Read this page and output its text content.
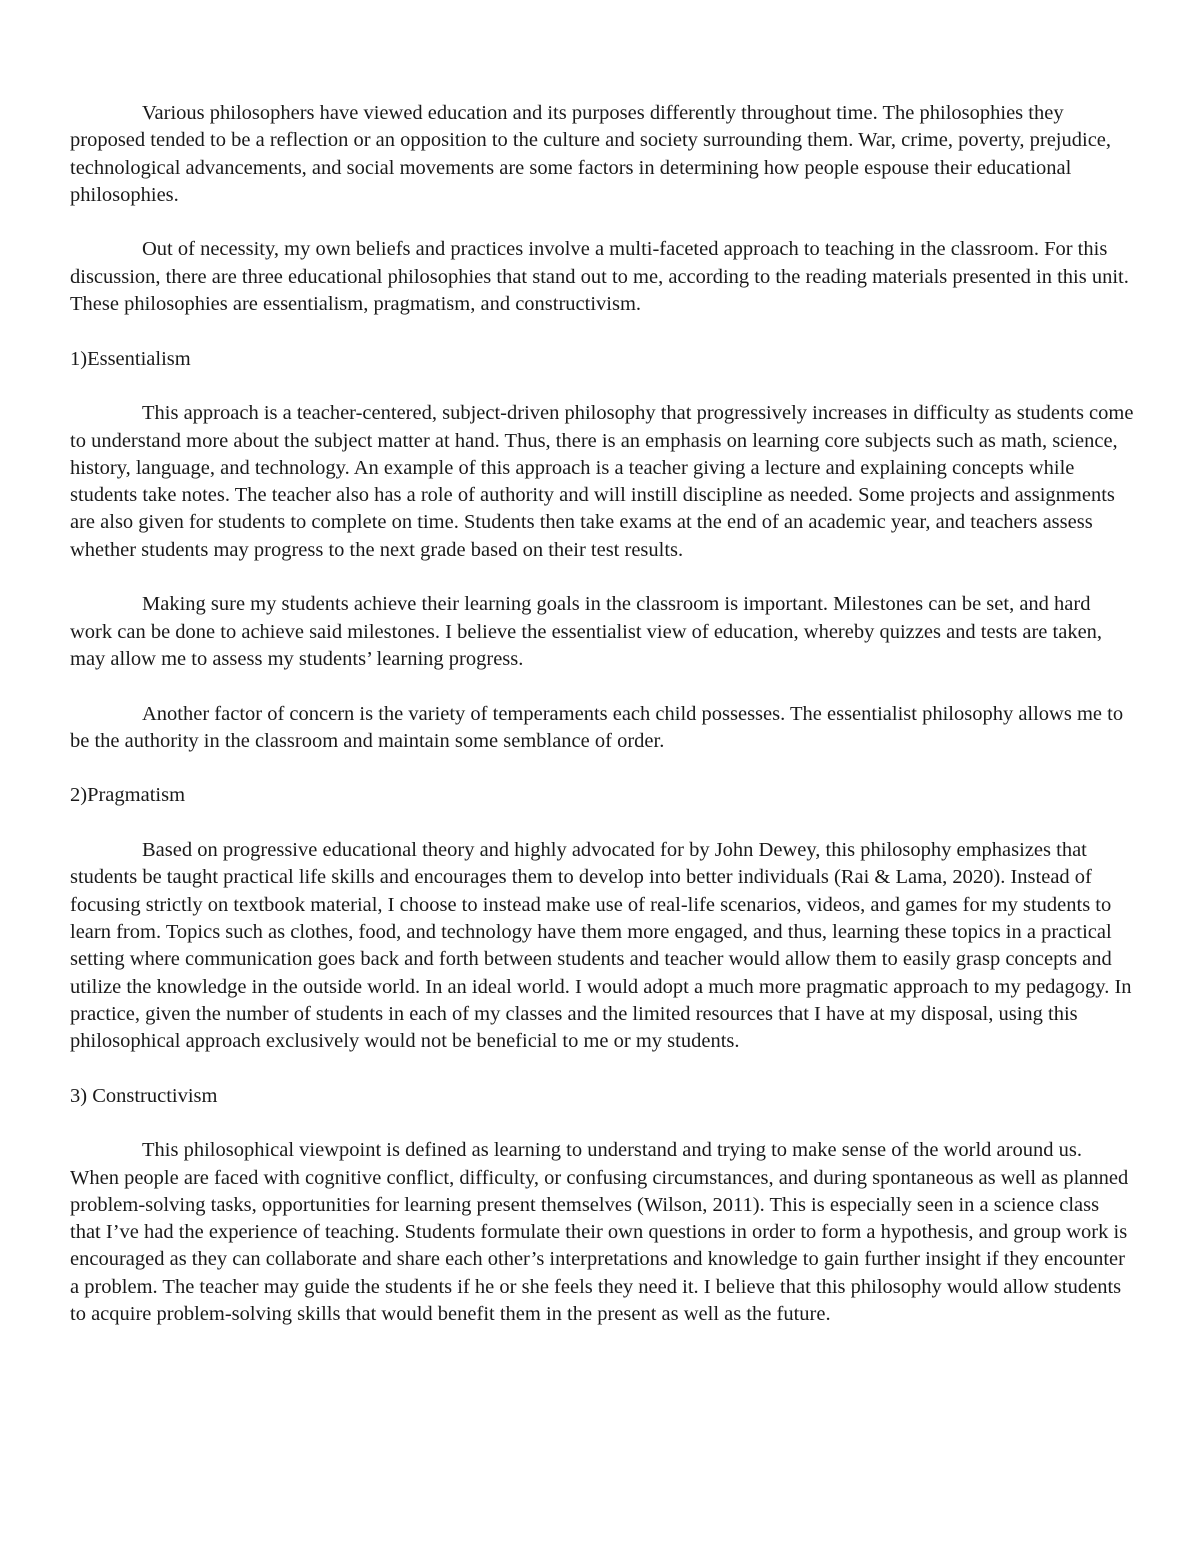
Various philosophers have viewed education and its purposes differently throughout time. The philosophies they proposed tended to be a reflection or an opposition to the culture and society surrounding them. War, crime, poverty, prejudice, technological advancements, and social movements are some factors in determining how people espouse their educational philosophies.

Out of necessity, my own beliefs and practices involve a multi-faceted approach to teaching in the classroom. For this discussion, there are three educational philosophies that stand out to me, according to the reading materials presented in this unit. These philosophies are essentialism, pragmatism, and constructivism.

1)Essentialism

This approach is a teacher-centered, subject-driven philosophy that progressively increases in difficulty as students come to understand more about the subject matter at hand. Thus, there is an emphasis on learning core subjects such as math, science, history, language, and technology. An example of this approach is a teacher giving a lecture and explaining concepts while students take notes. The teacher also has a role of authority and will instill discipline as needed. Some projects and assignments are also given for students to complete on time. Students then take exams at the end of an academic year, and teachers assess whether students may progress to the next grade based on their test results.

Making sure my students achieve their learning goals in the classroom is important. Milestones can be set, and hard work can be done to achieve said milestones. I believe the essentialist view of education, whereby quizzes and tests are taken, may allow me to assess my students’ learning progress.

Another factor of concern is the variety of temperaments each child possesses. The essentialist philosophy allows me to be the authority in the classroom and maintain some semblance of order.

2)Pragmatism

Based on progressive educational theory and highly advocated for by John Dewey, this philosophy emphasizes that students be taught practical life skills and encourages them to develop into better individuals (Rai & Lama, 2020). Instead of focusing strictly on textbook material, I choose to instead make use of real-life scenarios, videos, and games for my students to learn from. Topics such as clothes, food, and technology have them more engaged, and thus, learning these topics in a practical setting where communication goes back and forth between students and teacher would allow them to easily grasp concepts and utilize the knowledge in the outside world. In an ideal world. I would adopt a much more pragmatic approach to my pedagogy. In practice, given the number of students in each of my classes and the limited resources that I have at my disposal, using this philosophical approach exclusively would not be beneficial to me or my students.

3) Constructivism

This philosophical viewpoint is defined as learning to understand and trying to make sense of the world around us. When people are faced with cognitive conflict, difficulty, or confusing circumstances, and during spontaneous as well as planned problem-solving tasks, opportunities for learning present themselves (Wilson, 2011). This is especially seen in a science class that I’ve had the experience of teaching. Students formulate their own questions in order to form a hypothesis, and group work is encouraged as they can collaborate and share each other’s interpretations and knowledge to gain further insight if they encounter a problem. The teacher may guide the students if he or she feels they need it. I believe that this philosophy would allow students to acquire problem-solving skills that would benefit them in the present as well as the future.
